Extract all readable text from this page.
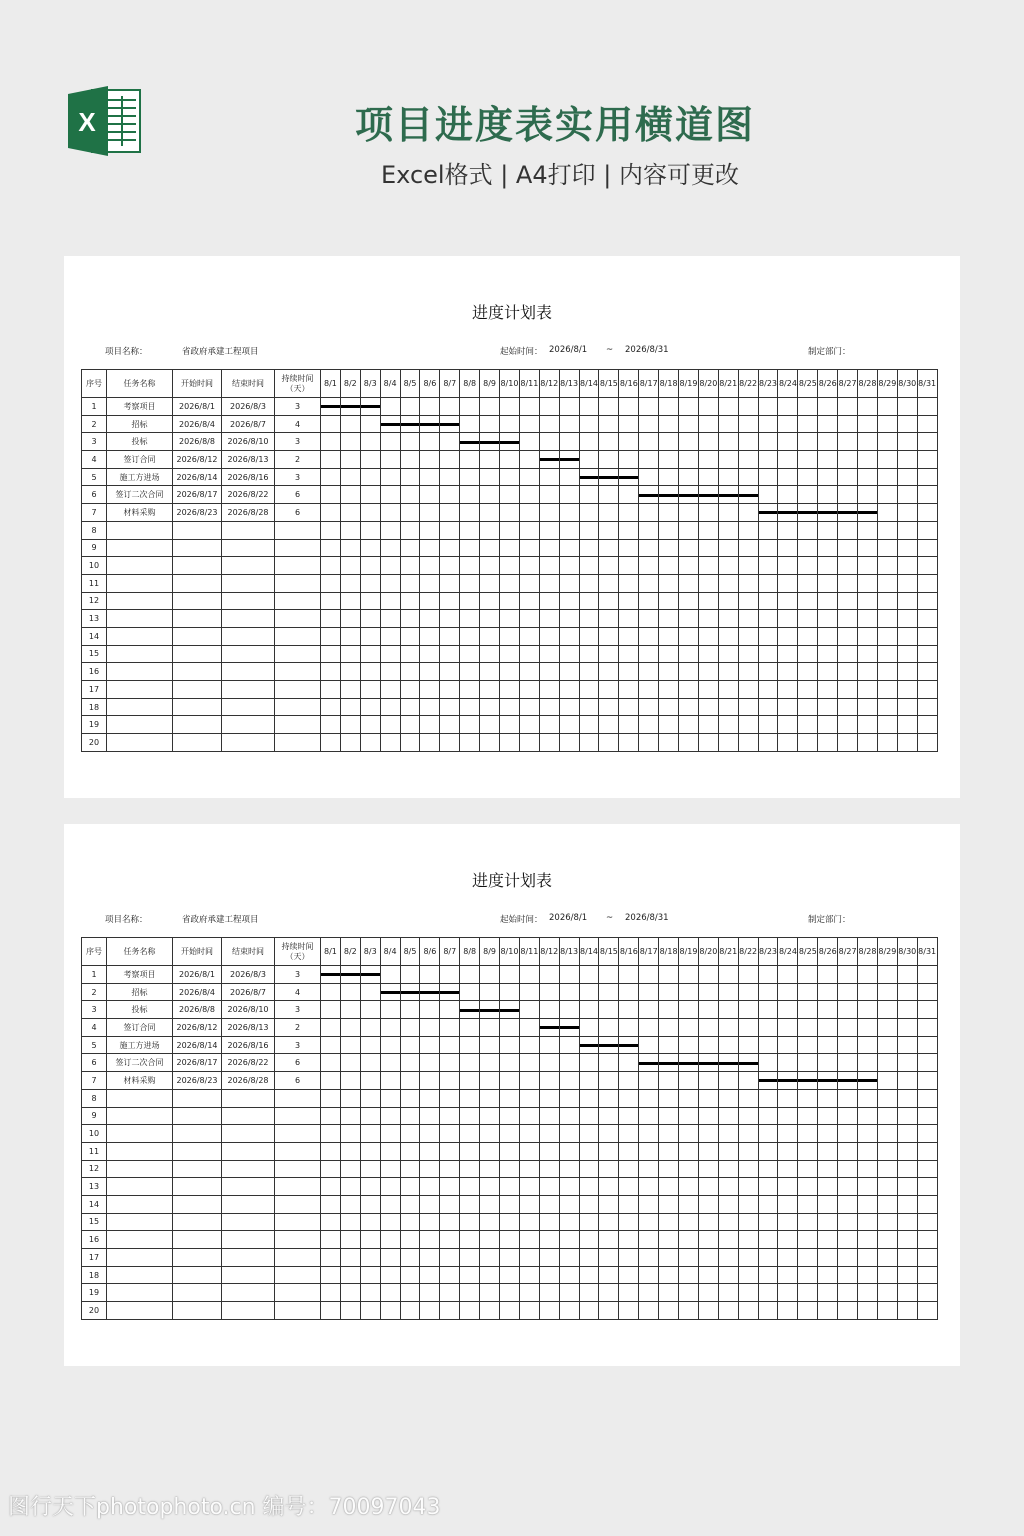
X	项目进度表实用横道图
Excel格式 | A4打印 | 内容可更改
进度计划表
项目名称：	省政府承建工程项目	起始时间： 2026/8/1 ~ 2026/8/31	制定部门：
序号	任务名称	开始时间	结束时间	持续时间（天）	8/1	8/2	8/3	8/4	8/5	8/6	8/7	8/8	8/9	8/10	8/11	8/12	8/13	8/14	8/15	8/16	8/17	8/18	8/19	8/20	8/21	8/22	8/23	8/24	8/25	8/26	8/27	8/28	8/29	8/30	8/31
1	考察项目	2026/8/1	2026/8/3	3	

2	招标	2026/8/4	2026/8/7	4				

3	投标	2026/8/8	2026/8/10	3								

4	签订合同	2026/8/12	2026/8/13	2												

5	施工方进场	2026/8/14	2026/8/16	3														

6	签订二次合同	2026/8/17	2026/8/22	6																	

7	材料采购	2026/8/23	2026/8/28	6																							

8																																			
9																																			
10																																			
11																																			
12																																			
13																																			
14																																			
15																																			
16																																			
17																																			
18																																			
19																																			
20																																			
进度计划表
项目名称：	省政府承建工程项目	起始时间： 2026/8/1 ~ 2026/8/31	制定部门：
序号	任务名称	开始时间	结束时间	持续时间（天）	8/1	8/2	8/3	8/4	8/5	8/6	8/7	8/8	8/9	8/10	8/11	8/12	8/13	8/14	8/15	8/16	8/17	8/18	8/19	8/20	8/21	8/22	8/23	8/24	8/25	8/26	8/27	8/28	8/29	8/30	8/31
1	考察项目	2026/8/1	2026/8/3	3	

2	招标	2026/8/4	2026/8/7	4				

3	投标	2026/8/8	2026/8/10	3								

4	签订合同	2026/8/12	2026/8/13	2												

5	施工方进场	2026/8/14	2026/8/16	3														

6	签订二次合同	2026/8/17	2026/8/22	6																	

7	材料采购	2026/8/23	2026/8/28	6																							

8																																			
9																																			
10																																			
11																																			
12																																			
13																																			
14																																			
15																																			
16																																			
17																																			
18																																			
19																																			
20																																			
图行天下photophoto.cn 编号：70097043
